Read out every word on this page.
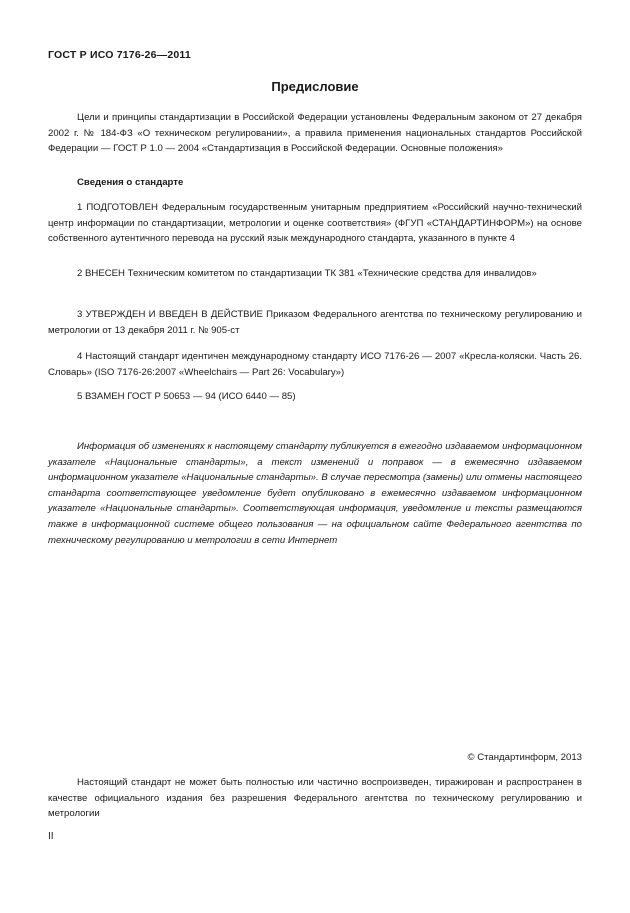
ГОСТ Р ИСО 7176-26—2011
Предисловие

Цели и принципы стандартизации в Российской Федерации установлены Федеральным законом от 27 декабря 2002 г. № 184-ФЗ «О техническом регулировании», а правила применения национальных стандартов Российской Федерации — ГОСТ Р 1.0 — 2004 «Стандартизация в Российской Федерации. Основные положения»

Сведения о стандарте

1 ПОДГОТОВЛЕН Федеральным государственным унитарным предприятием «Российский научно-технический центр информации по стандартизации, метрологии и оценке соответствия» (ФГУП «СТАНДАРТИНФОРМ») на основе собственного аутентичного перевода на русский язык международного стандарта, указанного в пункте 4

2 ВНЕСЕН Техническим комитетом по стандартизации ТК 381 «Технические средства для инвалидов»

3 УТВЕРЖДЕН И ВВЕДЕН В ДЕЙСТВИЕ Приказом Федерального агентства по техническому регулированию и метрологии от 13 декабря 2011 г. № 905-ст

4 Настоящий стандарт идентичен международному стандарту ИСО 7176-26 — 2007 «Кресла-коляски. Часть 26. Словарь» (ISO 7176-26:2007 «Wheelchairs — Part 26: Vocabulary»)

5 ВЗАМЕН ГОСТ Р 50653 — 94 (ИСО 6440 — 85)

Информация об изменениях к настоящему стандарту публикуется в ежегодно издаваемом информационном указателе «Национальные стандарты», а текст изменений и поправок — в ежемесячно издаваемом информационном указателе «Национальные стандарты». В случае пересмотра (замены) или отмены настоящего стандарта соответствующее уведомление будет опубликовано в ежемесячно издаваемом информационном указателе «Национальные стандарты». Соответствующая информация, уведомление и тексты размещаются также в информационной системе общего пользования — на официальном сайте Федерального агентства по техническому регулированию и метрологии в сети Интернет

© Стандартинформ, 2013

Настоящий стандарт не может быть полностью или частично воспроизведен, тиражирован и распространен в качестве официального издания без разрешения Федерального агентства по техническому регулированию и метрологии

II
